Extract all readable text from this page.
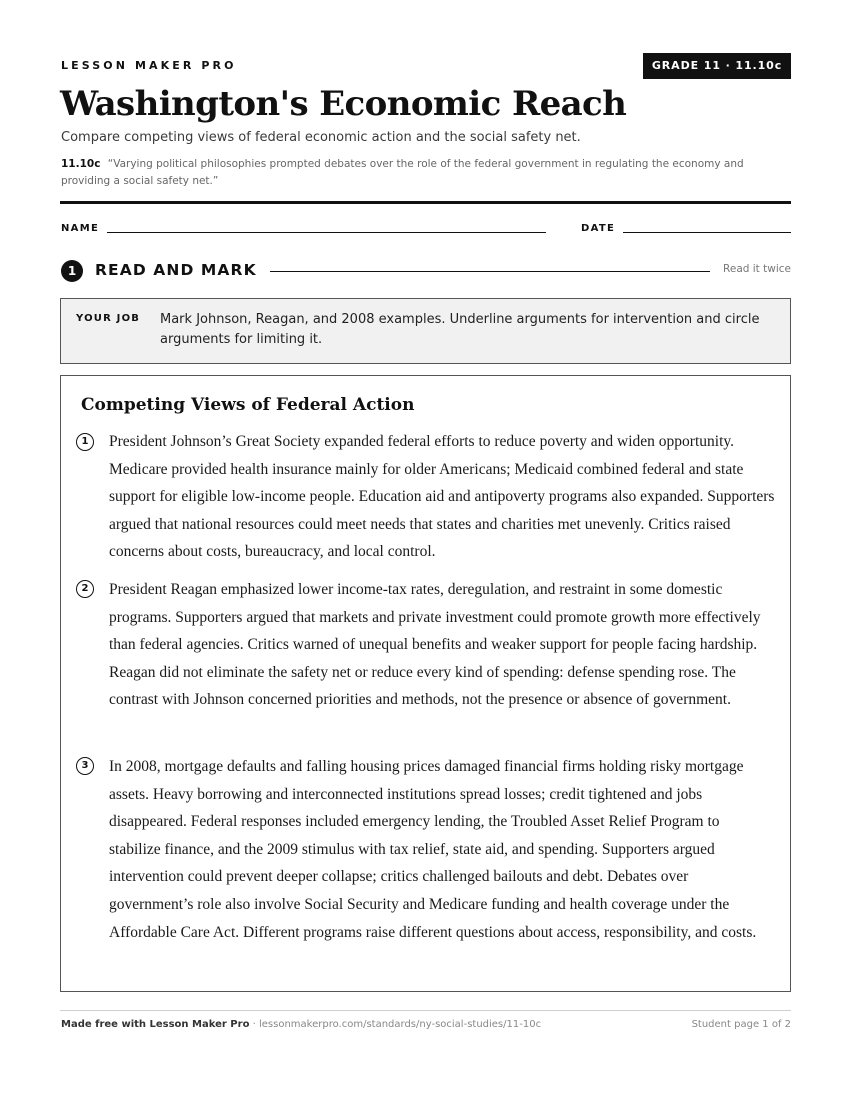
LESSON MAKER PRO	GRADE 11 · 11.10c
Washington's Economic Reach
Compare competing views of federal economic action and the social safety net.
11.10c “Varying political philosophies prompted debates over the role of the federal government in regulating the economy and providing a social safety net.”
NAME	DATE
1	READ AND MARK	Read it twice
YOUR JOB Mark Johnson, Reagan, and 2008 examples. Underline arguments for intervention and circle arguments for limiting it.
Competing Views of Federal Action
1	President Johnson’s Great Society expanded federal efforts to reduce poverty and widen opportunity. Medicare provided health insurance mainly for older Americans; Medicaid combined federal and state support for eligible low-income people. Education aid and antipoverty programs also expanded. Supporters argued that national resources could meet needs that states and charities met unevenly. Critics raised concerns about costs, bureaucracy, and local control.
2	President Reagan emphasized lower income-tax rates, deregulation, and restraint in some domestic programs. Supporters argued that markets and private investment could promote growth more effectively than federal agencies. Critics warned of unequal benefits and weaker support for people facing hardship. Reagan did not eliminate the safety net or reduce every kind of spending: defense spending rose. The contrast with Johnson concerned priorities and methods, not the presence or absence of government.
3	In 2008, mortgage defaults and falling housing prices damaged financial firms holding risky mortgage assets. Heavy borrowing and interconnected institutions spread losses; credit tightened and jobs disappeared. Federal responses included emergency lending, the Troubled Asset Relief Program to stabilize finance, and the 2009 stimulus with tax relief, state aid, and spending. Supporters argued intervention could prevent deeper collapse; critics challenged bailouts and debt. Debates over government’s role also involve Social Security and Medicare funding and health coverage under the Affordable Care Act. Different programs raise different questions about access, responsibility, and costs.
Made free with Lesson Maker Pro · lessonmakerpro.com/standards/ny-social-studies/11-10c	Student page 1 of 2
